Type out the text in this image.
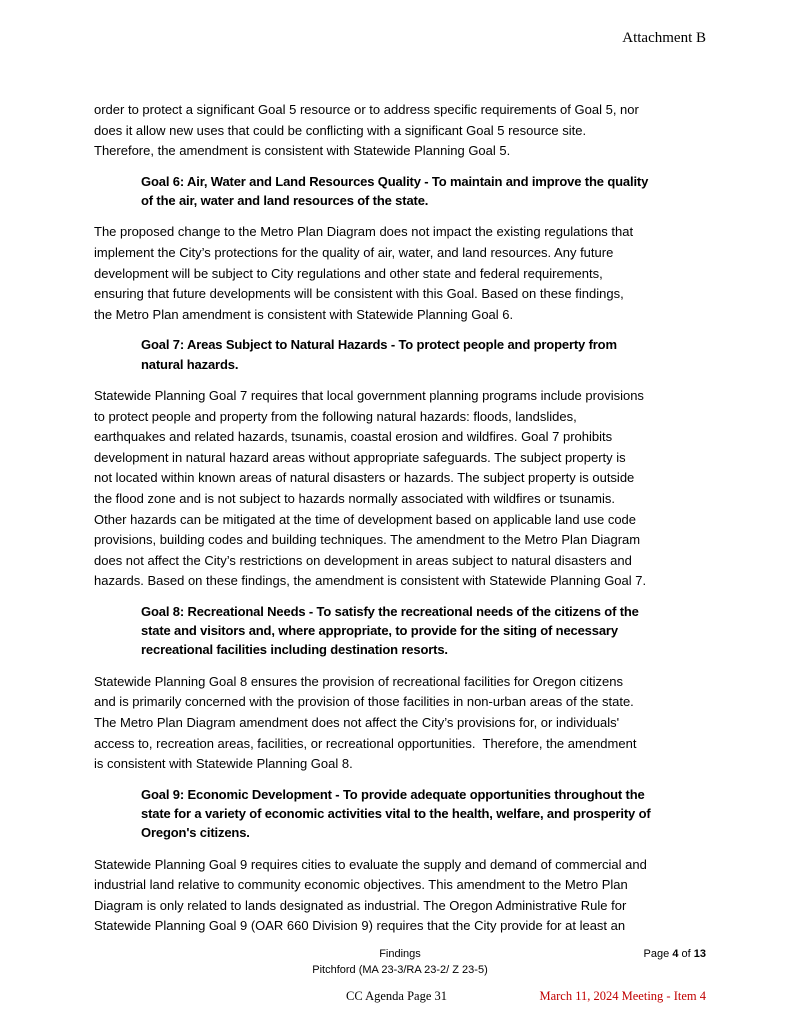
Attachment B
order to protect a significant Goal 5 resource or to address specific requirements of Goal 5, nor
does it allow new uses that could be conflicting with a significant Goal 5 resource site.
Therefore, the amendment is consistent with Statewide Planning Goal 5.
Goal 6: Air, Water and Land Resources Quality - To maintain and improve the quality
of the air, water and land resources of the state.
The proposed change to the Metro Plan Diagram does not impact the existing regulations that
implement the City’s protections for the quality of air, water, and land resources. Any future
development will be subject to City regulations and other state and federal requirements,
ensuring that future developments will be consistent with this Goal. Based on these findings,
the Metro Plan amendment is consistent with Statewide Planning Goal 6.
Goal 7: Areas Subject to Natural Hazards - To protect people and property from
natural hazards.
Statewide Planning Goal 7 requires that local government planning programs include provisions
to protect people and property from the following natural hazards: floods, landslides,
earthquakes and related hazards, tsunamis, coastal erosion and wildfires. Goal 7 prohibits
development in natural hazard areas without appropriate safeguards. The subject property is
not located within known areas of natural disasters or hazards. The subject property is outside
the flood zone and is not subject to hazards normally associated with wildfires or tsunamis.
Other hazards can be mitigated at the time of development based on applicable land use code
provisions, building codes and building techniques. The amendment to the Metro Plan Diagram
does not affect the City’s restrictions on development in areas subject to natural disasters and
hazards. Based on these findings, the amendment is consistent with Statewide Planning Goal 7.
Goal 8: Recreational Needs - To satisfy the recreational needs of the citizens of the
state and visitors and, where appropriate, to provide for the siting of necessary
recreational facilities including destination resorts.
Statewide Planning Goal 8 ensures the provision of recreational facilities for Oregon citizens
and is primarily concerned with the provision of those facilities in non-urban areas of the state.
The Metro Plan Diagram amendment does not affect the City’s provisions for, or individuals'
access to, recreation areas, facilities, or recreational opportunities.  Therefore, the amendment
is consistent with Statewide Planning Goal 8.
Goal 9: Economic Development - To provide adequate opportunities throughout the
state for a variety of economic activities vital to the health, welfare, and prosperity of
Oregon's citizens.
Statewide Planning Goal 9 requires cities to evaluate the supply and demand of commercial and
industrial land relative to community economic objectives. This amendment to the Metro Plan
Diagram is only related to lands designated as industrial. The Oregon Administrative Rule for
Statewide Planning Goal 9 (OAR 660 Division 9) requires that the City provide for at least an
Findings
Pitchford (MA 23-3/RA 23-2/ Z 23-5)
Page 4 of 13
CC Agenda Page 31	March 11, 2024 Meeting - Item 4
